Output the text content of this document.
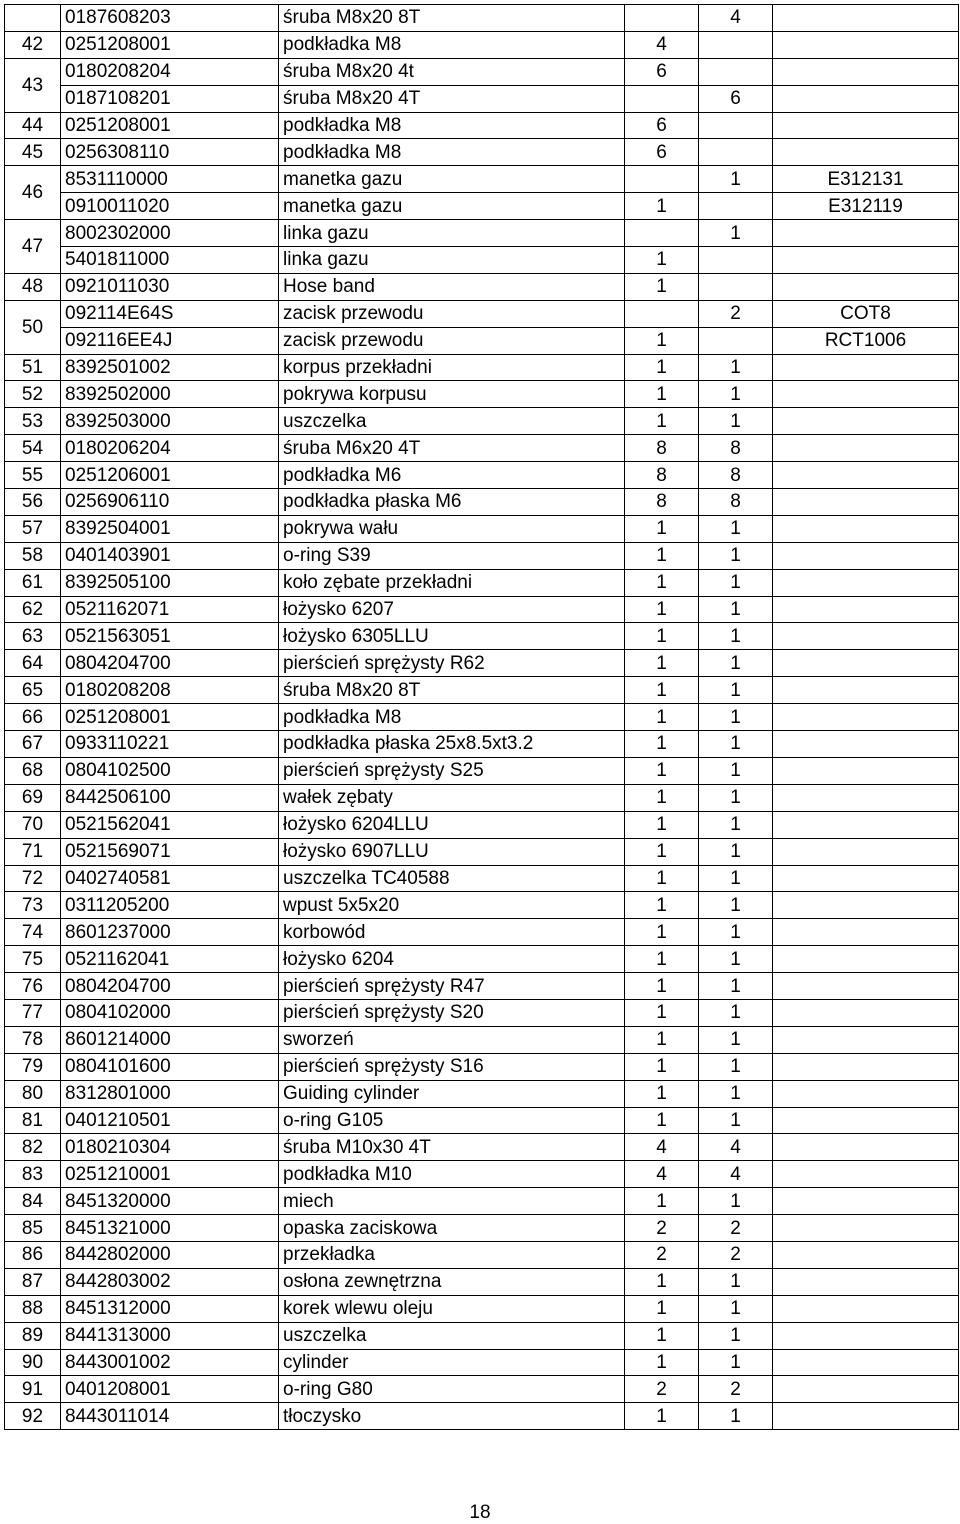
	0187608203	śruba M8x20 8T		4	
42	0251208001	podkładka M8	4		
43	0180208204	śruba M8x20 4t	6		
	0187108201	śruba M8x20 4T		6	
44	0251208001	podkładka M8	6		
45	0256308110	podkładka M8	6		
46	8531110000	manetka gazu		1	E312131
	0910011020	manetka gazu	1		E312119
47	8002302000	linka gazu		1	
	5401811000	linka gazu	1		
48	0921011030	Hose band	1		
50	092114E64S	zacisk przewodu		2	COT8
	092116EE4J	zacisk przewodu	1		RCT1006
51	8392501002	korpus przekładni	1	1	
52	8392502000	pokrywa korpusu	1	1	
53	8392503000	uszczelka	1	1	
54	0180206204	śruba M6x20 4T	8	8	
55	0251206001	podkładka M6	8	8	
56	0256906110	podkładka płaska M6	8	8	
57	8392504001	pokrywa wału	1	1	
58	0401403901	o-ring S39	1	1	
61	8392505100	koło zębate przekładni	1	1	
62	0521162071	łożysko 6207	1	1	
63	0521563051	łożysko 6305LLU	1	1	
64	0804204700	pierścień sprężysty R62	1	1	
65	0180208208	śruba M8x20 8T	1	1	
66	0251208001	podkładka M8	1	1	
67	0933110221	podkładka płaska 25x8.5xt3.2	1	1	
68	0804102500	pierścień sprężysty S25	1	1	
69	8442506100	wałek zębaty	1	1	
70	0521562041	łożysko 6204LLU	1	1	
71	0521569071	łożysko 6907LLU	1	1	
72	0402740581	uszczelka TC40588	1	1	
73	0311205200	wpust 5x5x20	1	1	
74	8601237000	korbowód	1	1	
75	0521162041	łożysko 6204	1	1	
76	0804204700	pierścień sprężysty R47	1	1	
77	0804102000	pierścień sprężysty S20	1	1	
78	8601214000	sworzeń	1	1	
79	0804101600	pierścień sprężysty S16	1	1	
80	8312801000	Guiding cylinder	1	1	
81	0401210501	o-ring G105	1	1	
82	0180210304	śruba M10x30 4T	4	4	
83	0251210001	podkładka M10	4	4	
84	8451320000	miech	1	1	
85	8451321000	opaska zaciskowa	2	2	
86	8442802000	przekładka	2	2	
87	8442803002	osłona zewnętrzna	1	1	
88	8451312000	korek wlewu oleju	1	1	
89	8441313000	uszczelka	1	1	
90	8443001002	cylinder	1	1	
91	0401208001	o-ring G80	2	2	
92	8443011014	tłoczysko	1	1	
18
